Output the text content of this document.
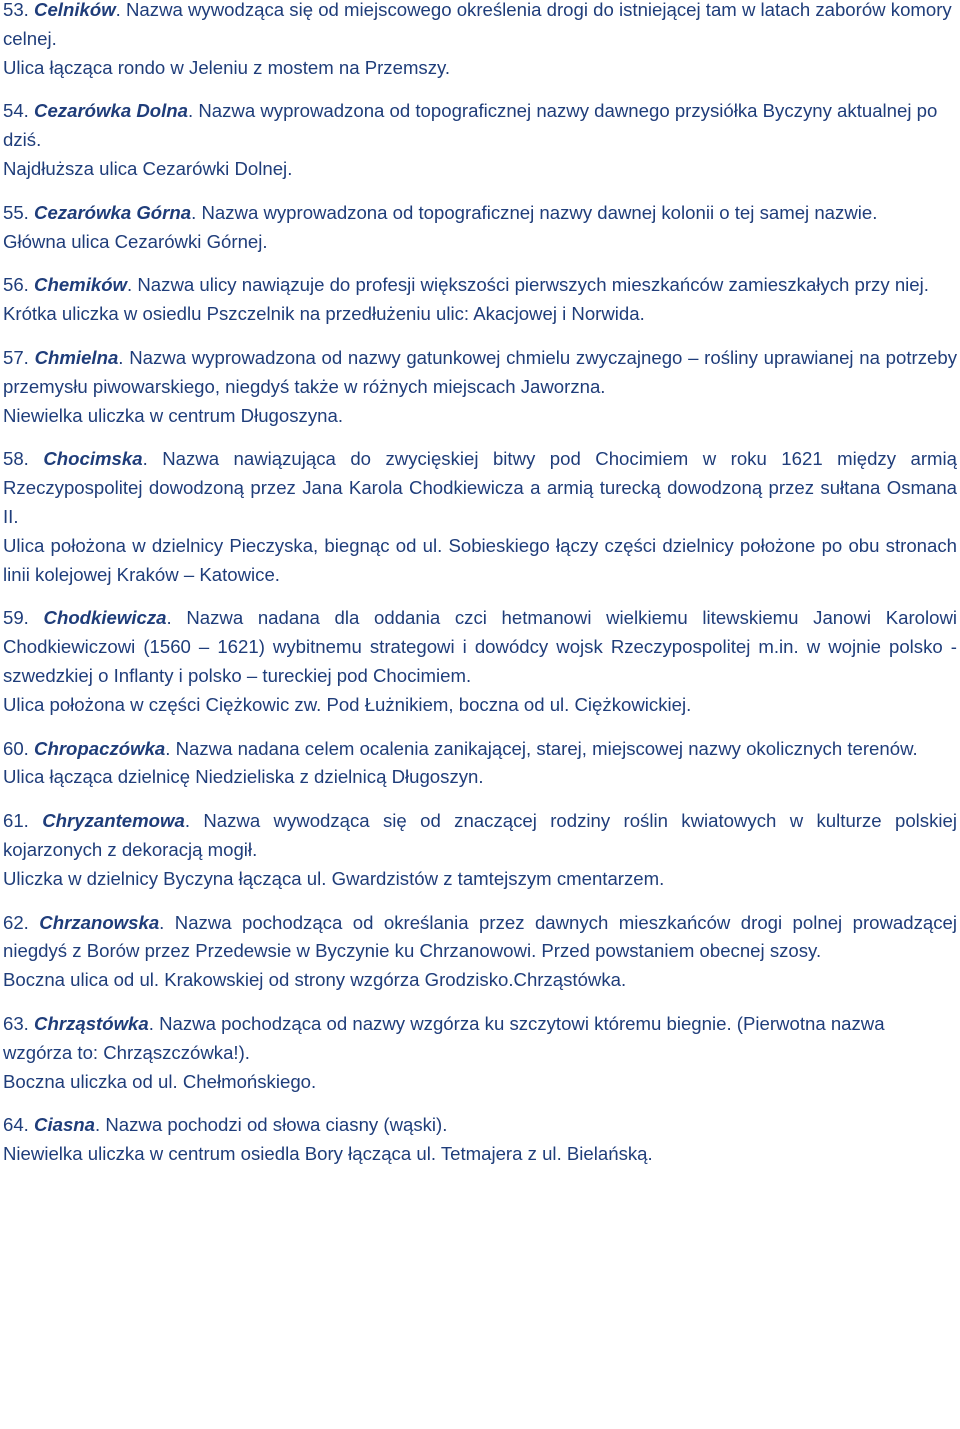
53. Celników. Nazwa wywodząca się od miejscowego określenia drogi do istniejącej tam w latach zaborów komory celnej.

Ulica łącząca rondo w Jeleniu z mostem na Przemszy.

54. Cezarówka Dolna. Nazwa wyprowadzona od topograficznej nazwy dawnego przysiółka Byczyny aktualnej po dziś.

Najdłuższa ulica Cezarówki Dolnej.

55. Cezarówka Górna. Nazwa wyprowadzona od topograficznej nazwy dawnej kolonii o tej samej nazwie.

Główna ulica Cezarówki Górnej.

56. Chemików. Nazwa ulicy nawiązuje do profesji większości pierwszych mieszkańców zamieszkałych przy niej.

Krótka uliczka w osiedlu Pszczelnik na przedłużeniu ulic: Akacjowej i Norwida.

57. Chmielna. Nazwa wyprowadzona od nazwy gatunkowej chmielu zwyczajnego – rośliny uprawianej na potrzeby przemysłu piwowarskiego, niegdyś także w różnych miejscach Jaworzna.

Niewielka uliczka w centrum Długoszyna.

58. Chocimska. Nazwa nawiązująca do zwycięskiej bitwy pod Chocimiem w roku 1621 między armią Rzeczypospolitej dowodzoną przez Jana Karola Chodkiewicza a armią turecką dowodzoną przez sułtana Osmana II.

Ulica położona w dzielnicy Pieczyska, biegnąc od ul. Sobieskiego łączy części dzielnicy położone po obu stronach linii kolejowej Kraków – Katowice.

59. Chodkiewicza. Nazwa nadana dla oddania czci hetmanowi wielkiemu litewskiemu Janowi Karolowi Chodkiewiczowi (1560 – 1621) wybitnemu strategowi i dowódcy wojsk Rzeczypospolitej m.in. w wojnie polsko - szwedzkiej o Inflanty i polsko – tureckiej pod Chocimiem.

Ulica położona w części Ciężkowic zw. Pod Łużnikiem, boczna od ul. Ciężkowickiej.

60. Chropaczówka. Nazwa nadana celem ocalenia zanikającej, starej, miejscowej nazwy okolicznych terenów.

Ulica łącząca dzielnicę Niedzieliska z dzielnicą Długoszyn.

61. Chryzantemowa. Nazwa wywodząca się od znaczącej rodziny roślin kwiatowych w kulturze polskiej kojarzonych z dekoracją mogił.

Uliczka w dzielnicy Byczyna łącząca ul. Gwardzistów z tamtejszym cmentarzem.

62. Chrzanowska. Nazwa pochodząca od określania przez dawnych mieszkańców drogi polnej prowadzącej niegdyś z Borów przez Przedewsie w Byczynie ku Chrzanowowi. Przed powstaniem obecnej szosy.

Boczna ulica od ul. Krakowskiej od strony wzgórza Grodzisko.Chrząstówka.

63. Chrząstówka. Nazwa pochodząca od nazwy wzgórza ku szczytowi któremu biegnie. (Pierwotna nazwa wzgórza to: Chrząszczówka!).

Boczna uliczka od ul. Chełmońskiego.

64. Ciasna. Nazwa pochodzi od słowa ciasny (wąski).

Niewielka uliczka w centrum osiedla Bory łącząca ul. Tetmajera z ul. Bielańską.
